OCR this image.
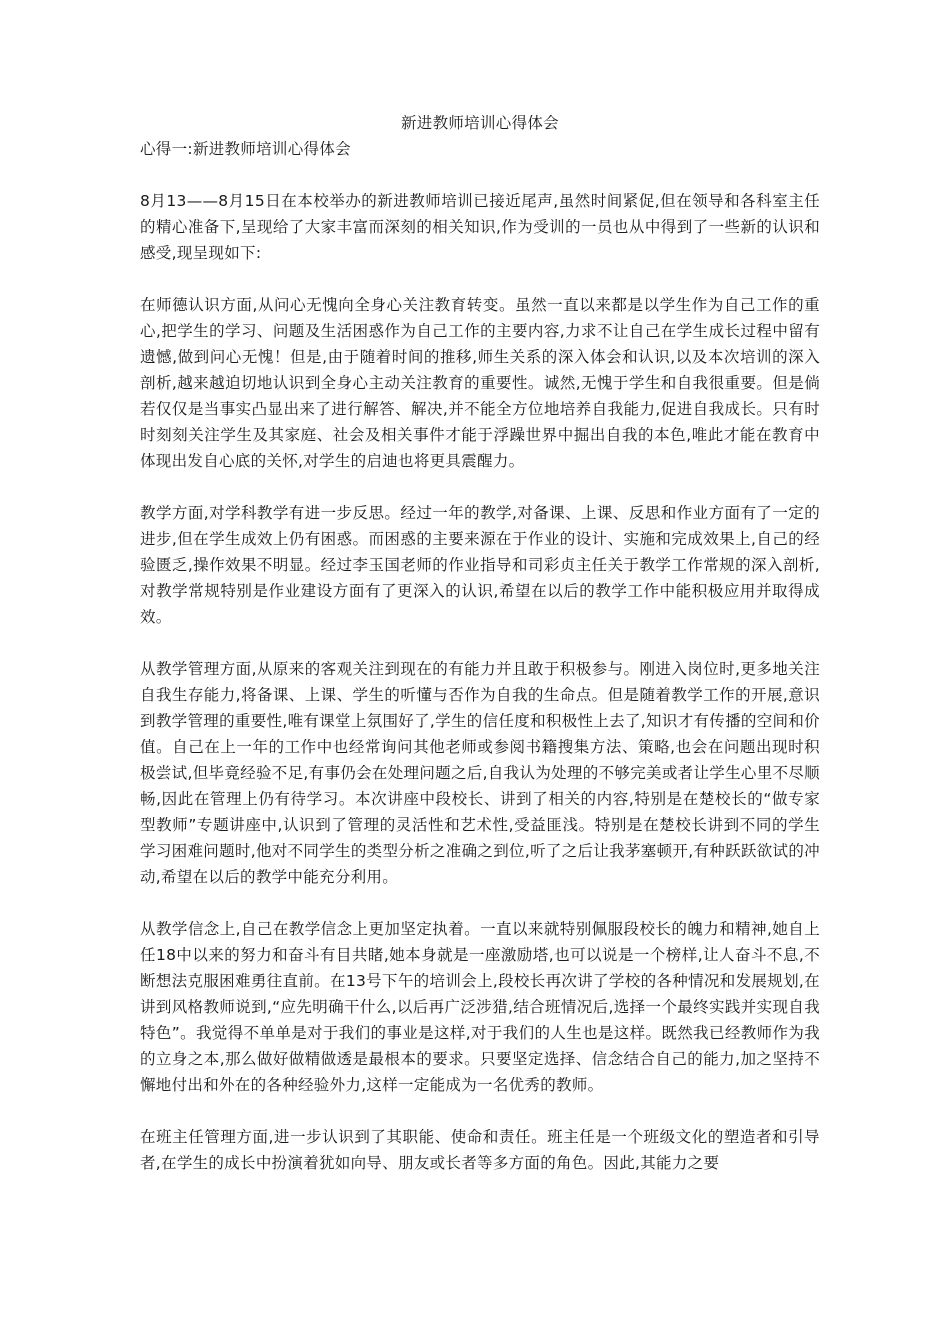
新进教师培训心得体会

心得一:新进教师培训心得体会

8月13——8月15日在本校举办的新进教师培训已接近尾声,虽然时间紧促,但在领导和各科室主任的精心准备下,呈现给了大家丰富而深刻的相关知识,作为受训的一员也从中得到了一些新的认识和感受,现呈现如下:

在师德认识方面,从问心无愧向全身心关注教育转变。虽然一直以来都是以学生作为自己工作的重心,把学生的学习、问题及生活困惑作为自己工作的主要内容,力求不让自己在学生成长过程中留有遗憾,做到问心无愧！但是,由于随着时间的推移,师生关系的深入体会和认识,以及本次培训的深入剖析,越来越迫切地认识到全身心主动关注教育的重要性。诚然,无愧于学生和自我很重要。但是倘若仅仅是当事实凸显出来了进行解答、解决,并不能全方位地培养自我能力,促进自我成长。只有时时刻刻关注学生及其家庭、社会及相关事件才能于浮躁世界中掘出自我的本色,唯此才能在教育中体现出发自心底的关怀,对学生的启迪也将更具震醒力。

教学方面,对学科教学有进一步反思。经过一年的教学,对备课、上课、反思和作业方面有了一定的进步,但在学生成效上仍有困惑。而困惑的主要来源在于作业的设计、实施和完成效果上,自己的经验匮乏,操作效果不明显。经过李玉国老师的作业指导和司彩贞主任关于教学工作常规的深入剖析,对教学常规特别是作业建设方面有了更深入的认识,希望在以后的教学工作中能积极应用并取得成效。

从教学管理方面,从原来的客观关注到现在的有能力并且敢于积极参与。刚进入岗位时,更多地关注自我生存能力,将备课、上课、学生的听懂与否作为自我的生命点。但是随着教学工作的开展,意识到教学管理的重要性,唯有课堂上氛围好了,学生的信任度和积极性上去了,知识才有传播的空间和价值。自己在上一年的工作中也经常询问其他老师或参阅书籍搜集方法、策略,也会在问题出现时积极尝试,但毕竟经验不足,有事仍会在处理问题之后,自我认为处理的不够完美或者让学生心里不尽顺畅,因此在管理上仍有待学习。本次讲座中段校长、讲到了相关的内容,特别是在楚校长的“做专家型教师”专题讲座中,认识到了管理的灵活性和艺术性,受益匪浅。特别是在楚校长讲到不同的学生学习困难问题时,他对不同学生的类型分析之准确之到位,听了之后让我茅塞顿开,有种跃跃欲试的冲动,希望在以后的教学中能充分利用。

从教学信念上,自己在教学信念上更加坚定执着。一直以来就特别佩服段校长的魄力和精神,她自上任18中以来的努力和奋斗有目共睹,她本身就是一座激励塔,也可以说是一个榜样,让人奋斗不息,不断想法克服困难勇往直前。在13号下午的培训会上,段校长再次讲了学校的各种情况和发展规划,在讲到风格教师说到,“应先明确干什么,以后再广泛涉猎,结合班情况后,选择一个最终实践并实现自我特色”。我觉得不单单是对于我们的事业是这样,对于我们的人生也是这样。既然我已经教师作为我的立身之本,那么做好做精做透是最根本的要求。只要坚定选择、信念结合自己的能力,加之坚持不懈地付出和外在的各种经验外力,这样一定能成为一名优秀的教师。

在班主任管理方面,进一步认识到了其职能、使命和责任。班主任是一个班级文化的塑造者和引导者,在学生的成长中扮演着犹如向导、朋友或长者等多方面的角色。因此,其能力之要
